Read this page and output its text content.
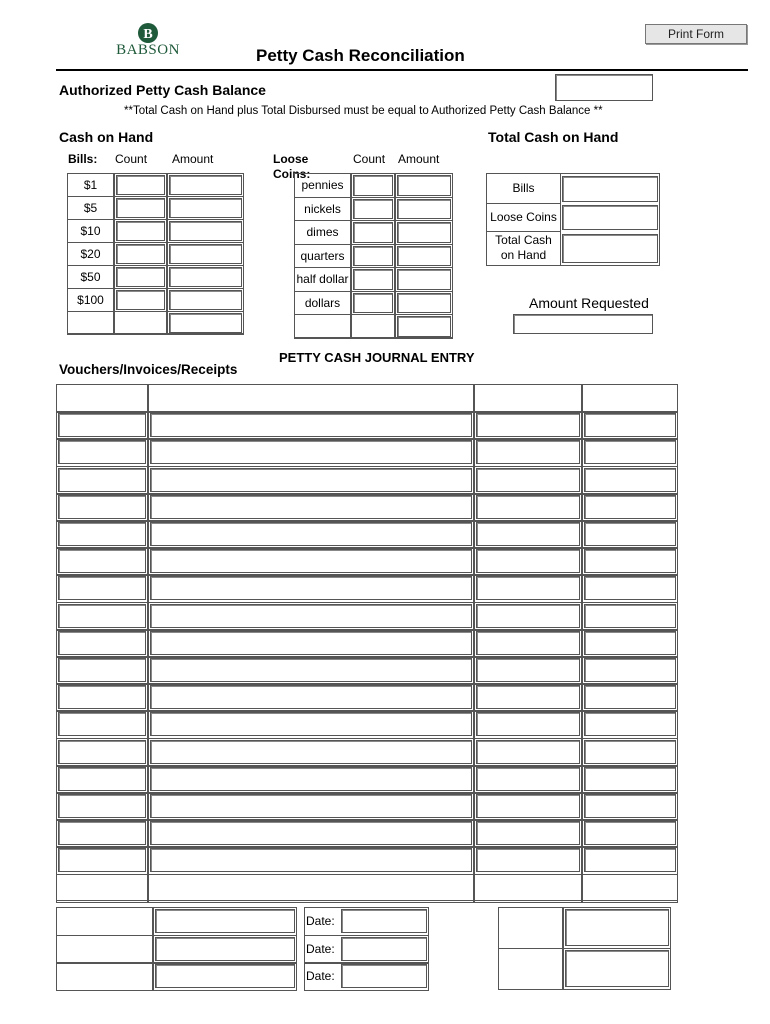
B
BABSON	Petty Cash Reconciliation
Print Form
Authorized Petty Cash Balance
**Total Cash on Hand plus Total Disbursed must be equal to Authorized Petty Cash Balance **
Cash on Hand
Bills: Count Amount	Loose Coins:
Count Amount
Total Cash on Hand
Bills
Loose Coins
Total Cash on Hand
Amount Requested
PETTY CASH JOURNAL ENTRY
Vouchers/Invoices/Receipts
$1
$5
$10
$20
$50
$100
pennies
nickels
dimes
quarters
half dollar
dollars
Date:
Date:
Date:
